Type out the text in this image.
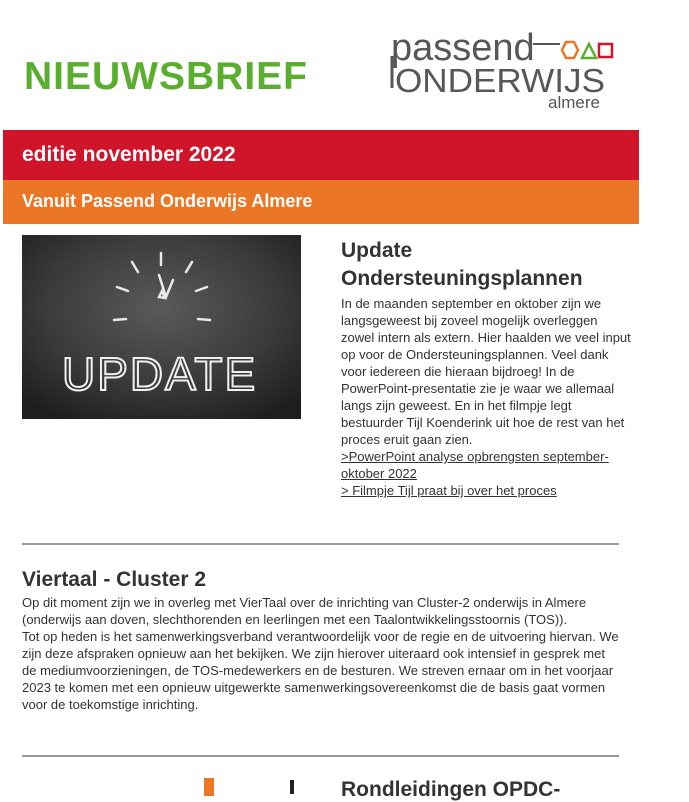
NIEUWSBRIEF
passend
ONDERWIJS
almere
editie november 2022
Vanuit Passend Onderwijs Almere
UPDATE
Update Ondersteuningsplannen

In de maanden september en oktober zijn we langsgeweest bij zoveel mogelijk overleggen zowel intern als extern. Hier haalden we veel input op voor de Ondersteuningsplannen. Veel dank voor iedereen die hieraan bijdroeg! In de PowerPoint-presentatie zie je waar we allemaal langs zijn geweest. En in het filmpje legt bestuurder Tijl Koenderink uit hoe de rest van het proces eruit gaan zien.

>PowerPoint analyse opbrengsten september-oktober 2022
> Filmpje Tijl praat bij over het proces
Viertaal - Cluster 2

Op dit moment zijn we in overleg met VierTaal over de inrichting van Cluster-2 onderwijs in Almere (onderwijs aan doven, slechthorenden en leerlingen met een Taalontwikkelingsstoornis (TOS)).

Tot op heden is het samenwerkingsverband verantwoordelijk voor de regie en de uitvoering hiervan. We zijn deze afspraken opnieuw aan het bekijken. We zijn hierover uiteraard ook intensief in gesprek met de mediumvoorzieningen, de TOS-medewerkers en de besturen. We streven ernaar om in het voorjaar 2023 te komen met een opnieuw uitgewerkte samenwerkingsovereenkomst die de basis gaat vormen voor de toekomstige inrichting.

Rondleidingen OPDC-
